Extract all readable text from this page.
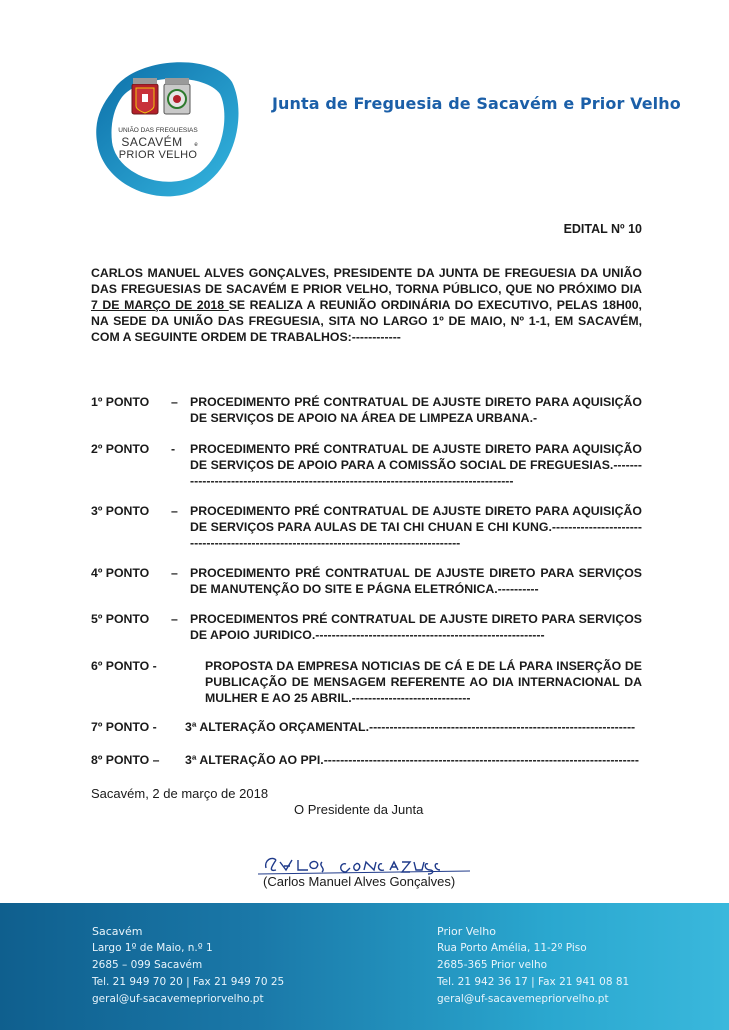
UNIÃO DAS FREGUESIAS
SACAVÉM e
PRIOR VELHO
Junta de Freguesia de Sacavém e Prior Velho
EDITAL Nº 10
CARLOS MANUEL ALVES GONÇALVES, PRESIDENTE DA JUNTA DE FREGUESIA DA UNIÃO DAS FREGUESIAS DE SACAVÉM E PRIOR VELHO, TORNA PÚBLICO, QUE NO PRÓXIMO DIA 7 DE MARÇO DE 2018 SE REALIZA A REUNIÃO ORDINÁRIA DO EXECUTIVO, PELAS 18H00, NA SEDE DA UNIÃO DAS FREGUESIA, SITA NO LARGO 1º DE MAIO, Nº 1-1, EM SACAVÉM, COM A SEGUINTE ORDEM DE TRABALHOS:------------
1º PONTO – PROCEDIMENTO PRÉ CONTRATUAL DE AJUSTE DIRETO PARA AQUISIÇÃO DE SERVIÇOS DE APOIO NA ÁREA DE LIMPEZA URBANA.-
2º PONTO - PROCEDIMENTO PRÉ CONTRATUAL DE AJUSTE DIRETO PARA AQUISIÇÃO DE SERVIÇOS DE APOIO PARA A COMISSÃO SOCIAL DE FREGUESIAS.--------------------------------------------------------------------------------------
3º PONTO – PROCEDIMENTO PRÉ CONTRATUAL DE AJUSTE DIRETO PARA AQUISIÇÃO DE SERVIÇOS PARA AULAS DE TAI CHI CHUAN E CHI KUNG.----------------------------------------------------------------------------------------
4º PONTO – PROCEDIMENTO PRÉ CONTRATUAL DE AJUSTE DIRETO PARA SERVIÇOS DE MANUTENÇÃO DO SITE E PÁGNA ELETRÓNICA.----------
5º PONTO – PROCEDIMENTOS PRÉ CONTRATUAL DE AJUSTE DIRETO PARA SERVIÇOS DE APOIO JURIDICO.--------------------------------------------------------
6º PONTO -	PROPOSTA DA EMPRESA NOTICIAS DE CÁ E DE LÁ PARA INSERÇÃO DE PUBLICAÇÃO DE MENSAGEM REFERENTE AO DIA INTERNACIONAL DA MULHER E AO 25 ABRIL.-----------------------------
7º PONTO - 3ª ALTERAÇÃO ORÇAMENTAL.-----------------------------------------------------------------
8º PONTO – 3ª ALTERAÇÃO AO PPI.-----------------------------------------------------------------------------
Sacavém, 2 de março de 2018
O Presidente da Junta
(Carlos Manuel Alves Gonçalves)
Sacavém
Largo 1º de Maio, n.º 1
2685 – 099 Sacavém
Tel. 21 949 70 20 | Fax 21 949 70 25
geral@uf-sacavemepriorvelho.pt
Prior Velho
Rua Porto Amélia, 11-2º Piso
2685-365 Prior velho
Tel. 21 942 36 17 | Fax 21 941 08 81
geral@uf-sacavemepriorvelho.pt
